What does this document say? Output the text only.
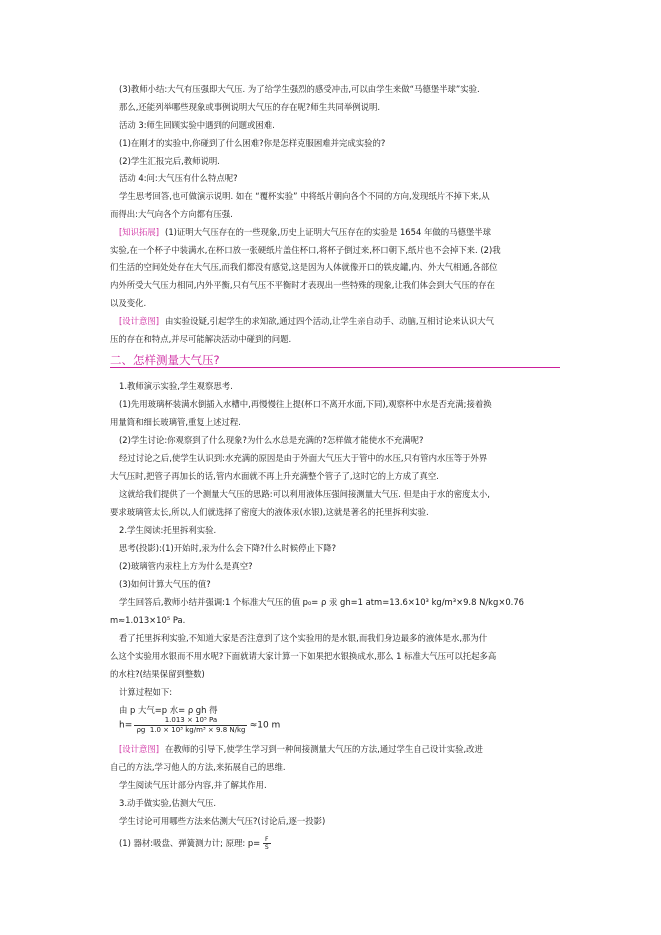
(3)教师小结:大气有压强即大气压. 为了给学生强烈的感受冲击,可以由学生来做“马德堡半球”实验.
那么,还能列举哪些现象或事例说明大气压的存在呢?师生共同举例说明.
活动 3:师生回顾实验中遇到的问题或困难.
(1)在刚才的实验中,你碰到了什么困难?你是怎样克服困难并完成实验的?
(2)学生汇报完后,教师说明.
活动 4:问:大气压有什么特点呢?
学生思考回答,也可做演示说明. 如在 “覆杯实验” 中将纸片朝向各个不同的方向,发现纸片不掉下来,从
而得出:大气向各个方向都有压强.
[知识拓展] (1)证明大气压存在的一些现象,历史上证明大气压存在的实验是 1654 年做的马德堡半球
实验,在一个杯子中装满水,在杯口放一张硬纸片盖住杯口,将杯子倒过来,杯口朝下,纸片也不会掉下来. (2)我
们生活的空间处处存在大气压,而我们都没有感觉,这是因为人体就像开口的铁皮罐,内、外大气相通,各部位
内外所受大气压力相同,内外平衡,只有气压不平衡时才表现出一些特殊的现象,让我们体会到大气压的存在
以及变化.
[设计意图] 由实验设疑,引起学生的求知欲,通过四个活动,让学生亲自动手、动脑,互相讨论来认识大气
压的存在和特点,并尽可能解决活动中碰到的问题.
二、怎样测量大气压?
1.教师演示实验,学生观察思考.
(1)先用玻璃杯装满水倒插入水槽中,再慢慢往上提(杯口不离开水面,下同),观察杯中水是否充满;接着换
用量筒和细长玻璃管,重复上述过程.
(2)学生讨论:你观察到了什么现象?为什么水总是充满的?怎样做才能使水不充满呢?
经过讨论之后,使学生认识到:水充满的原因是由于外面大气压大于管中的水压,只有管内水压等于外界
大气压时,把管子再加长的话,管内水面就不再上升充满整个管子了,这时它的上方成了真空.
这就给我们提供了一个测量大气压的思路:可以利用液体压强间接测量大气压. 但是由于水的密度太小,
要求玻璃管太长,所以,人们就选择了密度大的液体汞(水银),这就是著名的托里拆利实验.
2.学生阅读:托里拆利实验.
思考(投影):(1)开始时,汞为什么会下降?什么时候停止下降?
(2)玻璃管内汞柱上方为什么是真空?
(3)如何计算大气压的值?
学生回答后,教师小结并强调:1 个标准大气压的值 p₀= ρ 汞 gh=1 atm=13.6×10³ kg/m³×9.8 N/kg×0.76
m≈1.013×10⁵ Pa.
看了托里拆利实验,不知道大家是否注意到了这个实验用的是水银,而我们身边最多的液体是水,那为什
么这个实验用水银而不用水呢?下面就请大家计算一下如果把水银换成水,那么 1 标准大气压可以托起多高
的水柱?(结果保留到整数)
计算过程如下:
由 p 大气=p 水= ρ gh 得
$h= \frac{\text{1.013 × 10⁵ Pa}}{\text{ρg 1.0 × 10³ kg/m³ × 9.8 N/kg}} \approx 10$ m
[设计意图] 在教师的引导下,使学生学习到一种间接测量大气压的方法,通过学生自己设计实验,改进
自己的方法,学习他人的方法,来拓展自己的思维.
学生阅读气压计部分内容,并了解其作用.
3.动手做实验,估测大气压.
学生讨论可用哪些方法来估测大气压?(讨论后,逐一投影)
(1) 器材:吸盘、弹簧测力计; 原理: $p= \frac{F}{S}$
